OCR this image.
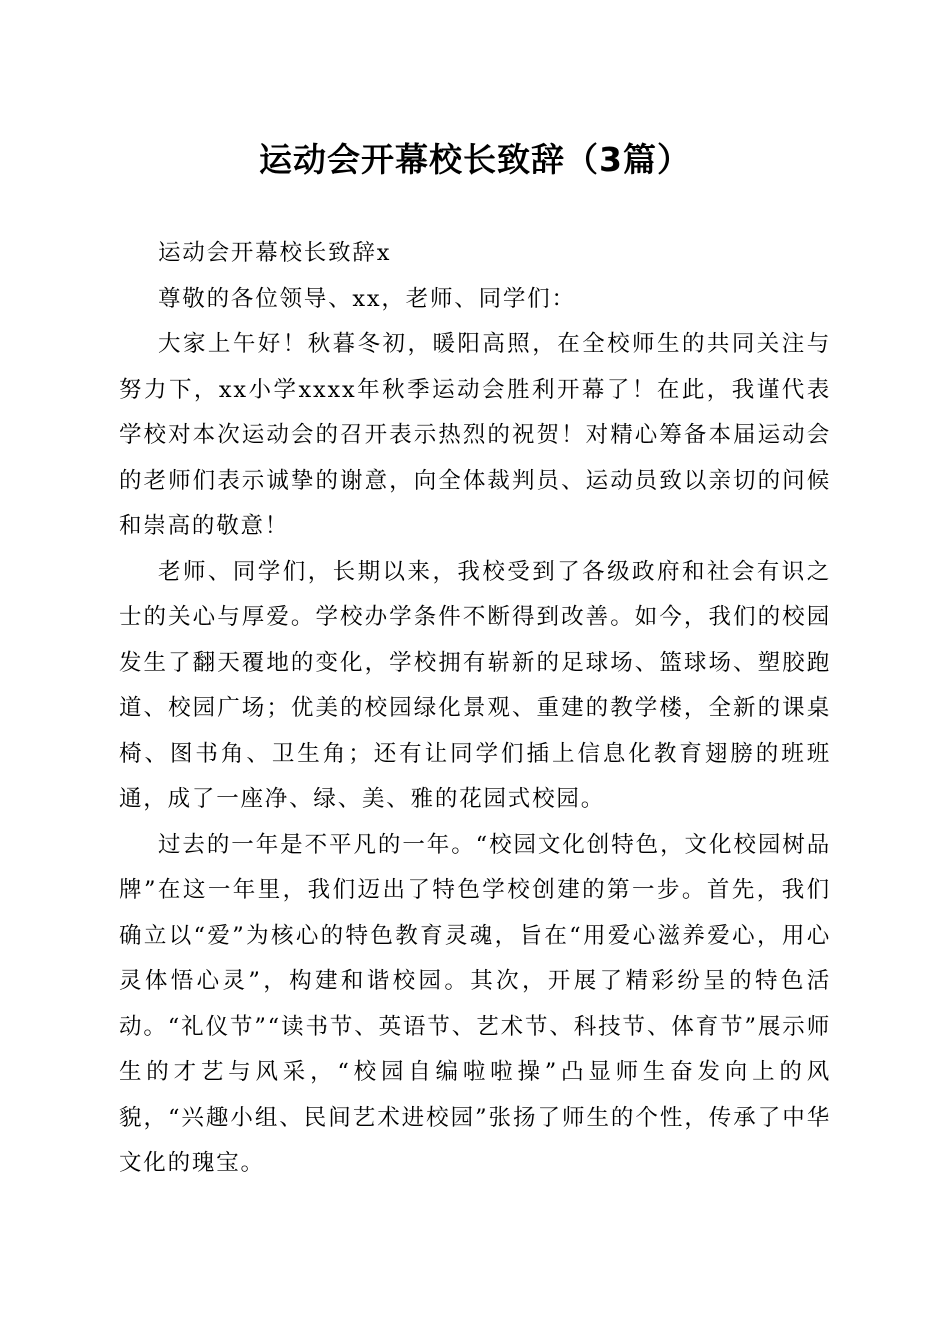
运动会开幕校长致辞（3篇）

运动会开幕校长致辞x

尊敬的各位领导、xx，老师、同学们：

大家上午好！秋暮冬初，暖阳高照，在全校师生的共同关注与努力下，xx小学xxxx年秋季运动会胜利开幕了！在此，我谨代表学校对本次运动会的召开表示热烈的祝贺！对精心筹备本届运动会的老师们表示诚挚的谢意，向全体裁判员、运动员致以亲切的问候和崇高的敬意！

老师、同学们，长期以来，我校受到了各级政府和社会有识之士的关心与厚爱。学校办学条件不断得到改善。如今，我们的校园发生了翻天覆地的变化，学校拥有崭新的足球场、篮球场、塑胶跑道、校园广场；优美的校园绿化景观、重建的教学楼，全新的课桌椅、图书角、卫生角；还有让同学们插上信息化教育翅膀的班班通，成了一座净、绿、美、雅的花园式校园。

过去的一年是不平凡的一年。“校园文化创特色，文化校园树品牌”在这一年里，我们迈出了特色学校创建的第一步。首先，我们确立以“爱”为核心的特色教育灵魂，旨在“用爱心滋养爱心，用心灵体悟心灵”，构建和谐校园。其次，开展了精彩纷呈的特色活动。“礼仪节”“读书节、英语节、艺术节、科技节、体育节”展示师生的才艺与风采，“校园自编啦啦操”凸显师生奋发向上的风貌，“兴趣小组、民间艺术进校园”张扬了师生的个性，传承了中华文化的瑰宝。
